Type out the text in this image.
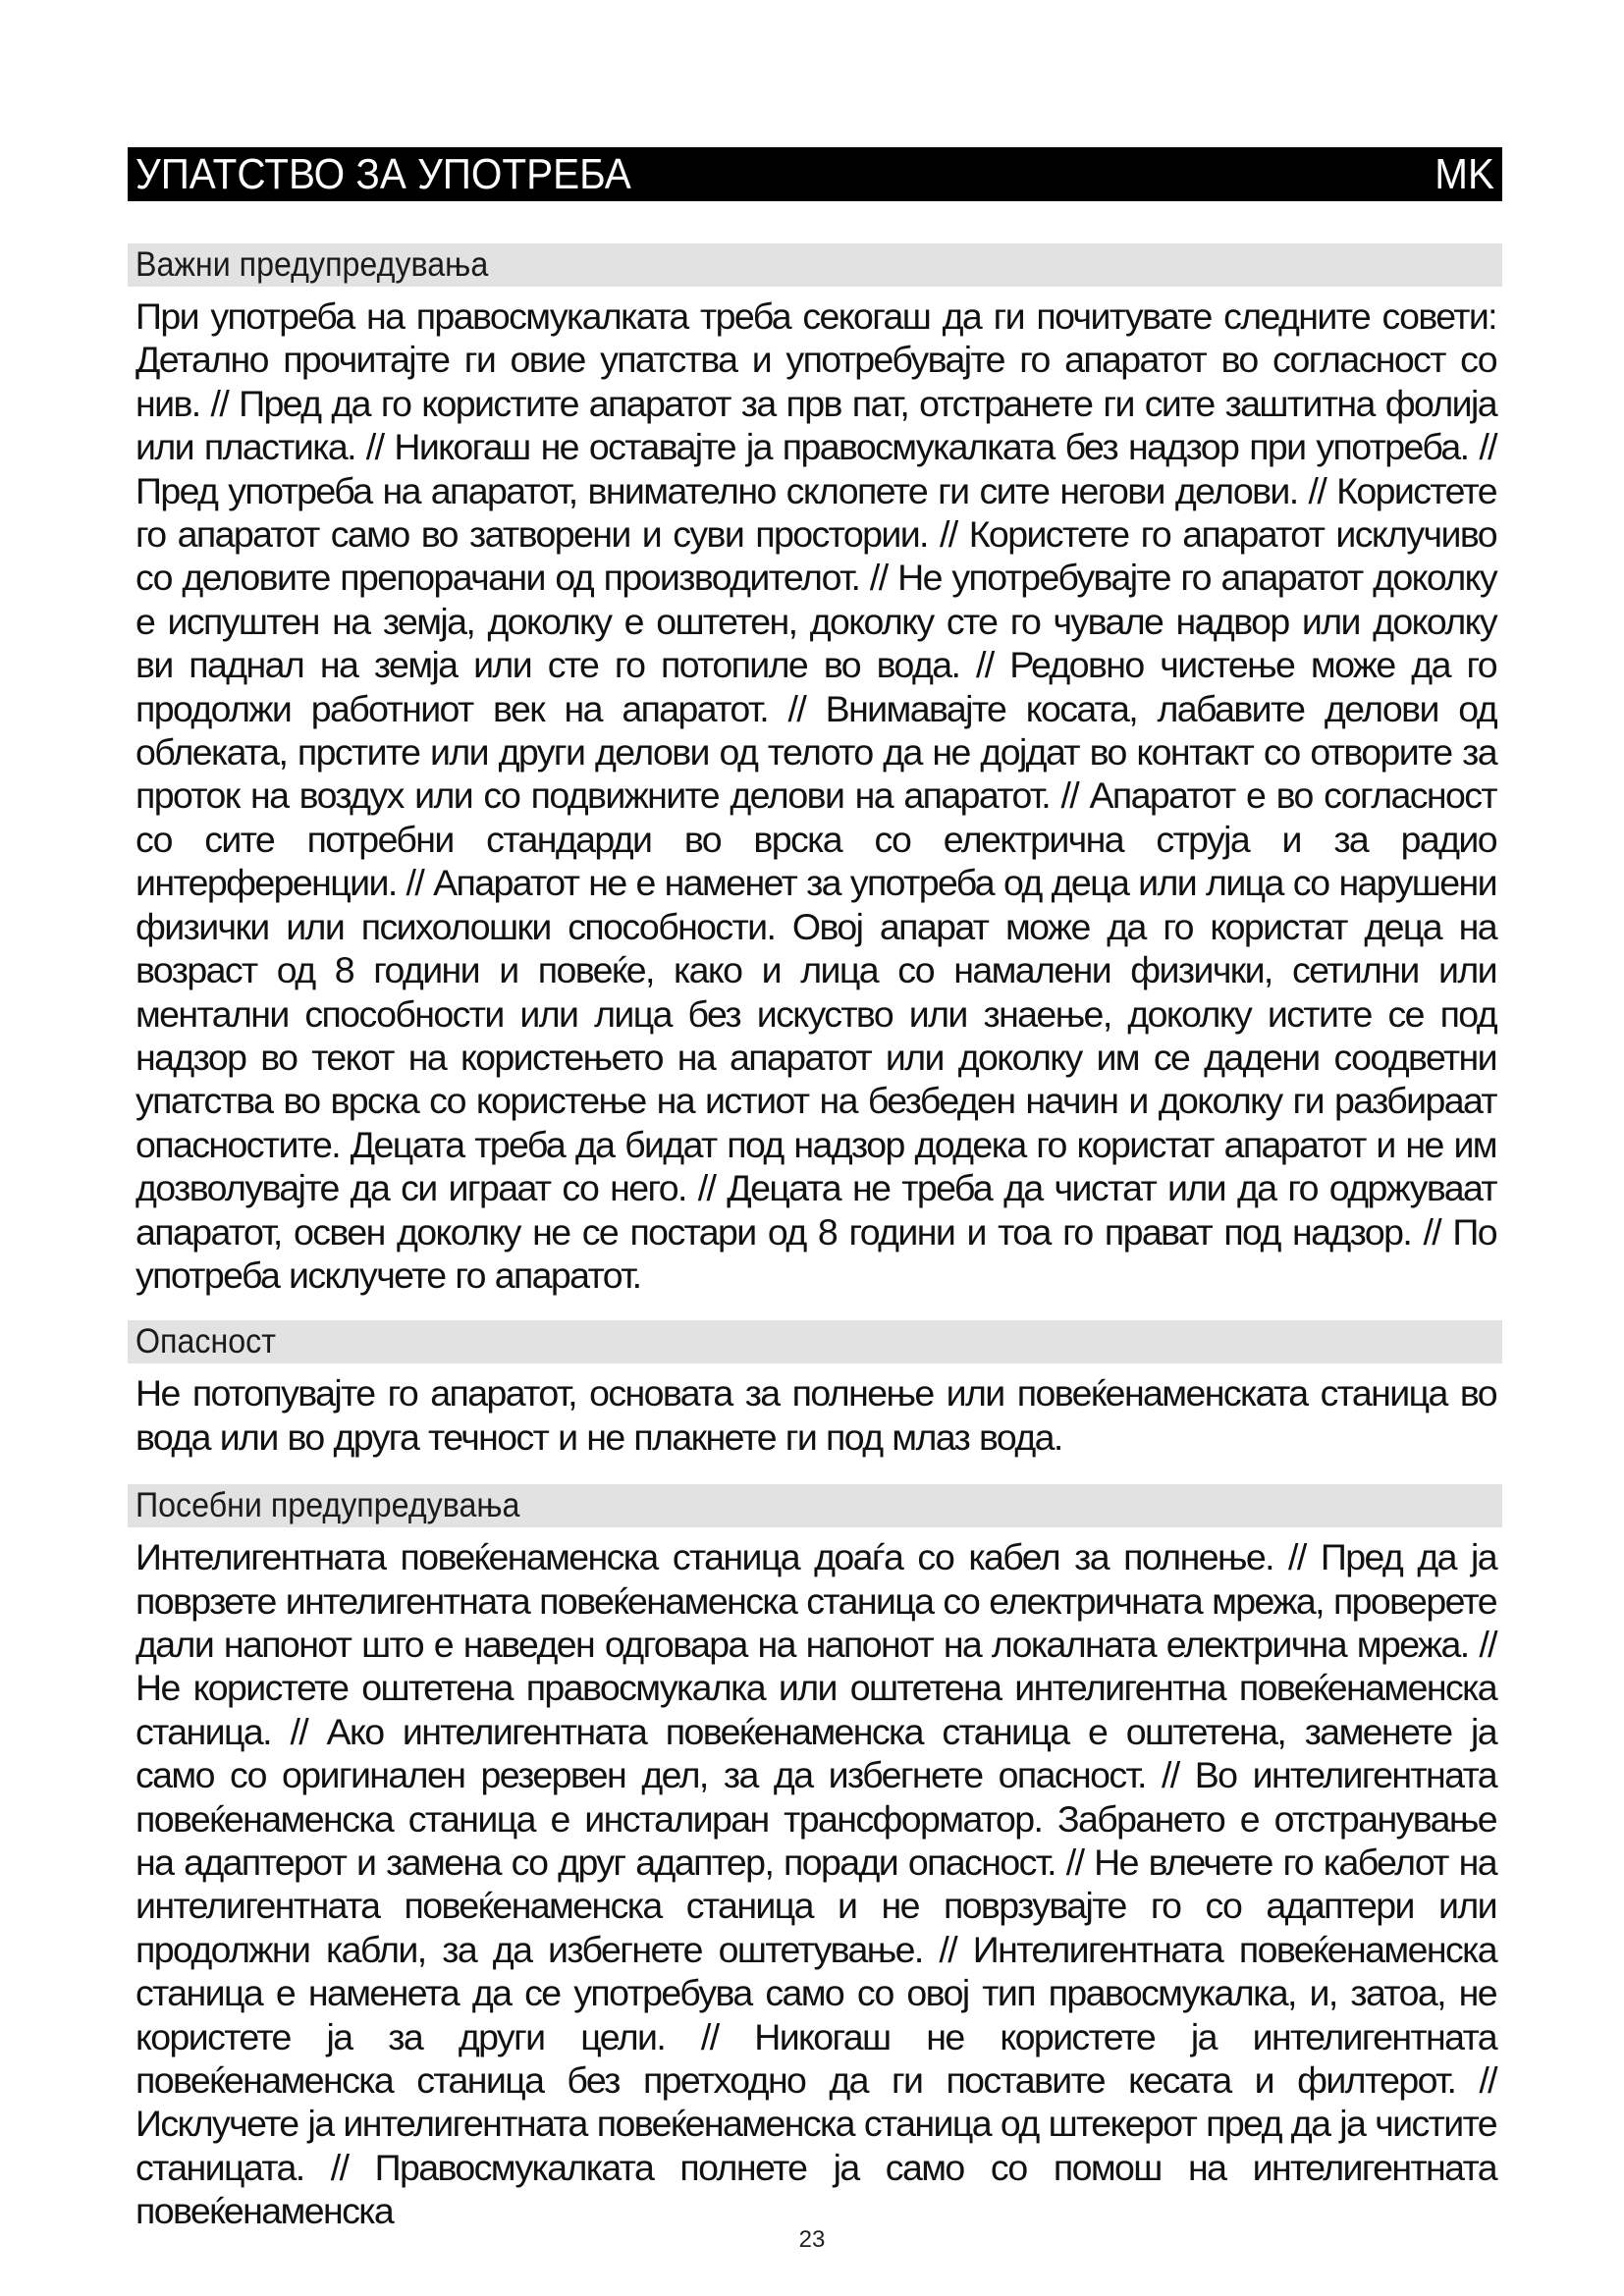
УПАТСТВО ЗА УПОТРЕБА	MK
Важни предупредувања
При употреба на правосмукалката треба секогаш да ги почитувате следните совети: Детално прочитајте ги овие упатства и употребувајте го апаратот во согласност со нив. // Пред да го користите апаратот за прв пат, отстранете ги сите заштитна фолија или пластика. // Никогаш не оставајте ја правосмукалката без надзор при употреба. // Пред употреба на апаратот, внимателно склопете ги сите негови делови. // Користете го апаратот само во затворени и суви простории. // Користете го апаратот исклучиво со деловите препорачани од производителот. // Не употребувајте го апаратот доколку е испуштен на земја, доколку е оштетен, доколку сте го чувале надвор или доколку ви паднал на земја или сте го потопиле во вода. // Редовно чистење може да го продолжи работниот век на апаратот. // Внимавајте косата, лабавите делови од облеката, прстите или други делови од телото да не дојдат во контакт со отворите за проток на воздух или со подвижните делови на апаратот. // Апаратот е во согласност со сите потребни стандарди во врска со електрична струја и за радио интерференции. // Апаратот не е наменет за употреба од деца или лица со нарушени физички или психолошки способности. Овој апарат може да го користат деца на возраст од 8 години и повеќе, како и лица со намалени физички, сетилни или ментални способности или лица без искуство или знаење, доколку истите се под надзор во текот на користењето на апаратот или доколку им се дадени соодветни упатства во врска со користење на истиот на безбеден начин и доколку ги разбираат опасностите. Децата треба да бидат под надзор додека го користат апаратот и не им дозволувајте да си играат со него. // Децата не треба да чистат или да го одржуваат апаратот, освен доколку не се постари од 8 години и тоа го прават под надзор. // По употреба исклучете го апаратот.
Опасност
Не потопувајте го апаратот, основата за полнење или повеќенаменската станица во вода или во друга течност и не плакнете ги под млаз вода.
Посебни предупредувања
Интелигентната повеќенаменска станица доаѓа со кабел за полнење. // Пред да ја поврзете интелигентната повеќенаменска станица со електричната мрежа, проверете дали напонот што е наведен одговара на напонот на локалната електрична мрежа. // Не користете оштетена правосмукалка или оштетена интелигентна повеќенаменска станица. // Ако интелигентната повеќенаменска станица е оштетена, заменете ја само со оригинален резервен дел, за да избегнете опасност. // Во интелигентната повеќенаменска станица е инсталиран трансформатор. Забрането е отстранување на адаптерот и замена со друг адаптер, поради опасност. // Не влечете го кабелот на интелигентната повеќенаменска станица и не поврзувајте го со адаптери или продолжни кабли, за да избегнете оштетување. // Интелигентната повеќенаменска станица е наменета да се употребува само со овој тип правосмукалка, и, затоа, не користете ја за други цели. // Никогаш не користете ја интелигентната повеќенаменска станица без претходно да ги поставите кесата и филтерот. // Исклучете ја интелигентната повеќенаменска станица од штекерот пред да ја чистите станицата. // Правосмукалката полнете ја само со помош на интелигентната повеќенаменска
23
